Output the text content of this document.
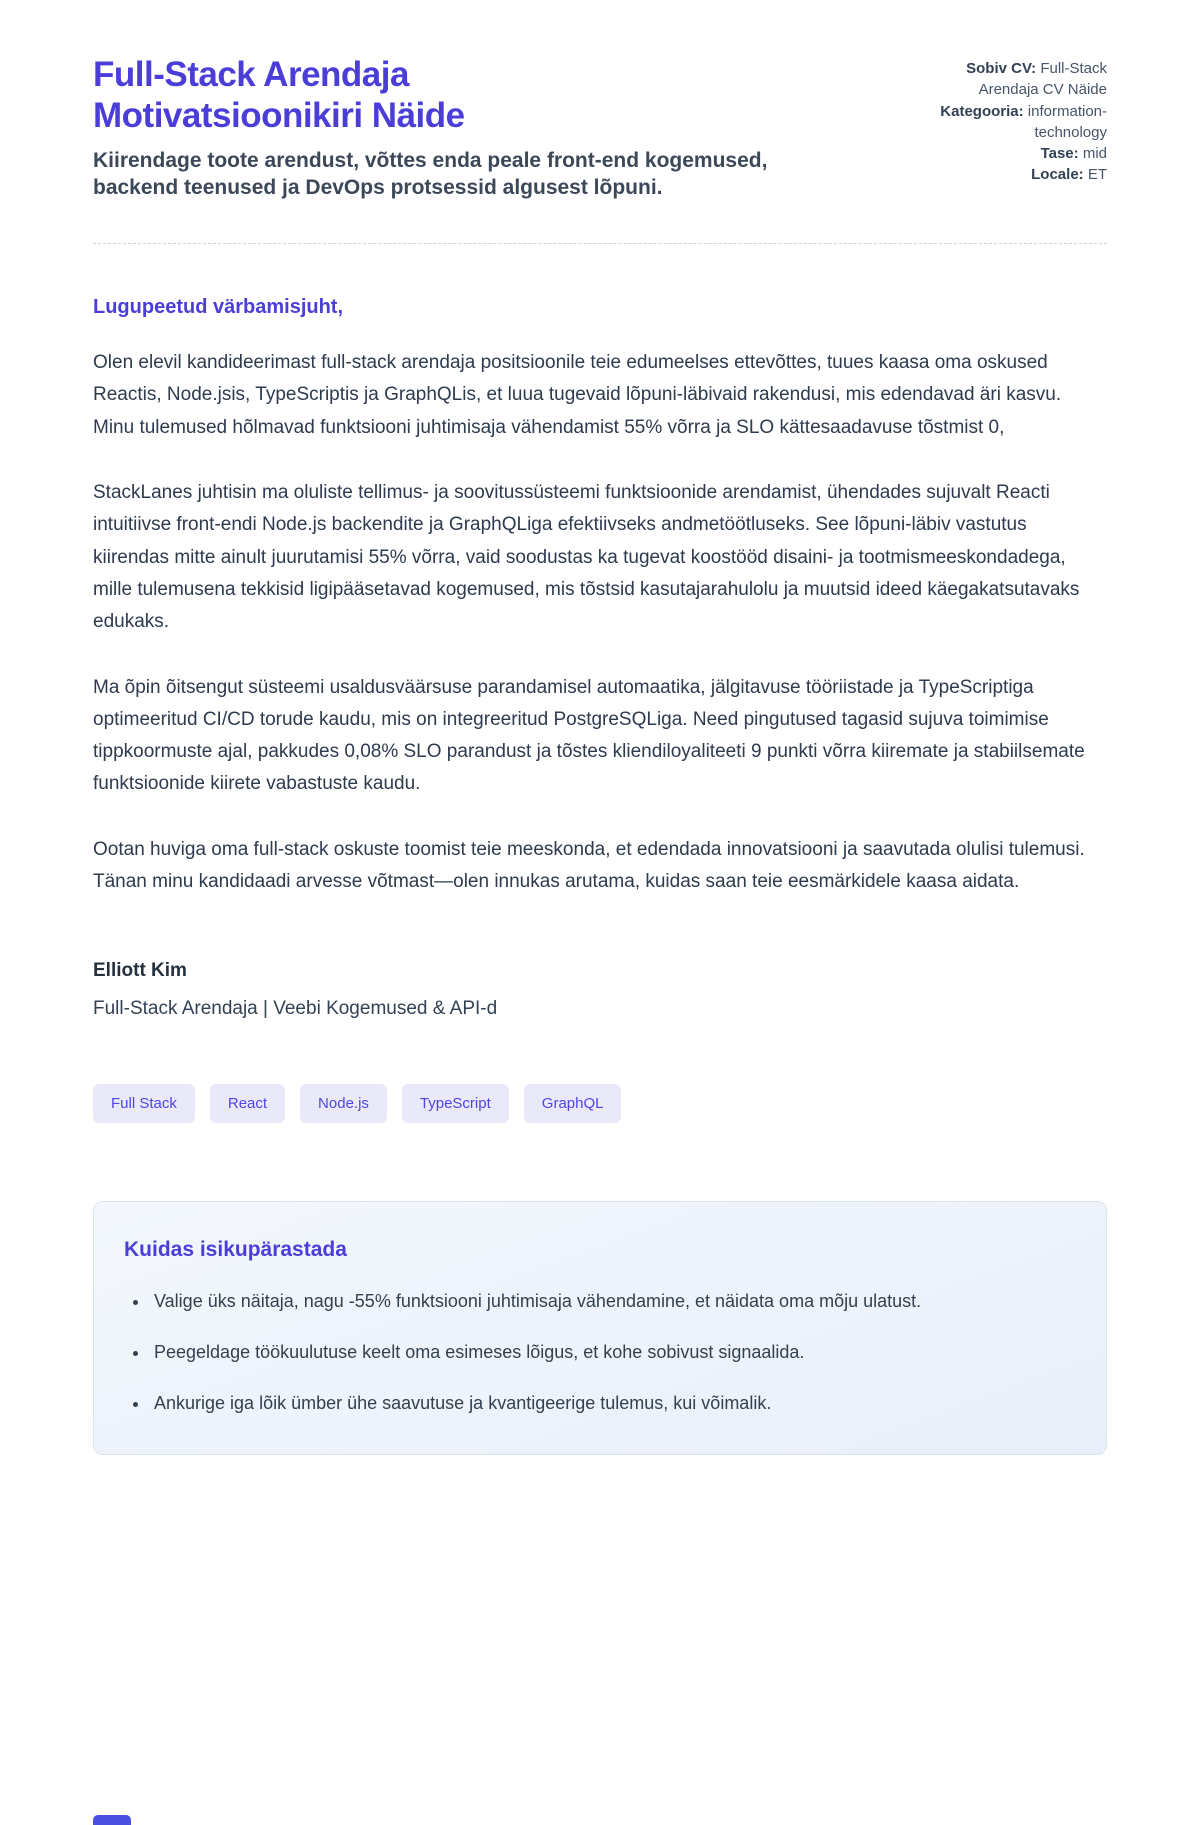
Full-Stack Arendaja Motivatsioonikiri Näide

Kiirendage toote arendust, võttes enda peale front-end kogemused, backend teenused ja DevOps protsessid algusest lõpuni.

Sobiv CV: Full-Stack Arendaja CV Näide

Kategooria: information-technology

Tase: mid

Locale: ET

Lugupeetud värbamisjuht,

Olen elevil kandideerimast full-stack arendaja positsioonile teie edumeelses ettevõttes, tuues kaasa oma oskused Reactis, Node.jsis, TypeScriptis ja GraphQLis, et luua tugevaid lõpuni-läbivaid rakendusi, mis edendavad äri kasvu. Minu tulemused hõlmavad funktsiooni juhtimisaja vähendamist 55% võrra ja SLO kättesaadavuse tõstmist 0,

StackLanes juhtisin ma oluliste tellimus- ja soovitussüsteemi funktsioonide arendamist, ühendades sujuvalt Reacti intuitiivse front-endi Node.js backendite ja GraphQLiga efektiivseks andmetöötluseks. See lõpuni-läbiv vastutus kiirendas mitte ainult juurutamisi 55% võrra, vaid soodustas ka tugevat koostööd disaini- ja tootmismeeskondadega, mille tulemusena tekkisid ligipääsetavad kogemused, mis tõstsid kasutajarahulolu ja muutsid ideed käegakatsutavaks edukaks.

Ma õpin õitsengut süsteemi usaldusväärsuse parandamisel automaatika, jälgitavuse tööriistade ja TypeScriptiga optimeeritud CI/CD torude kaudu, mis on integreeritud PostgreSQLiga. Need pingutused tagasid sujuva toimimise tippkoormuste ajal, pakkudes 0,08% SLO parandust ja tõstes kliendiloyaliteeti 9 punkti võrra kiiremate ja stabiilsemate funktsioonide kiirete vabastuste kaudu.

Ootan huviga oma full-stack oskuste toomist teie meeskonda, et edendada innovatsiooni ja saavutada olulisi tulemusi. Tänan minu kandidaadi arvesse võtmast—olen innukas arutama, kuidas saan teie eesmärkidele kaasa aidata.

Elliott Kim

Full-Stack Arendaja | Veebi Kogemused & API-d

Full Stack	React	Node.js	TypeScript	GraphQL
Kuidas isikupärastada
• Valige üks näitaja, nagu -55% funktsiooni juhtimisaja vähendamine, et näidata oma mõju ulatust.
• Peegeldage töökuulutuse keelt oma esimeses lõigus, et kohe sobivust signaalida.
• Ankurige iga lõik ümber ühe saavutuse ja kvantigeerige tulemus, kui võimalik.
